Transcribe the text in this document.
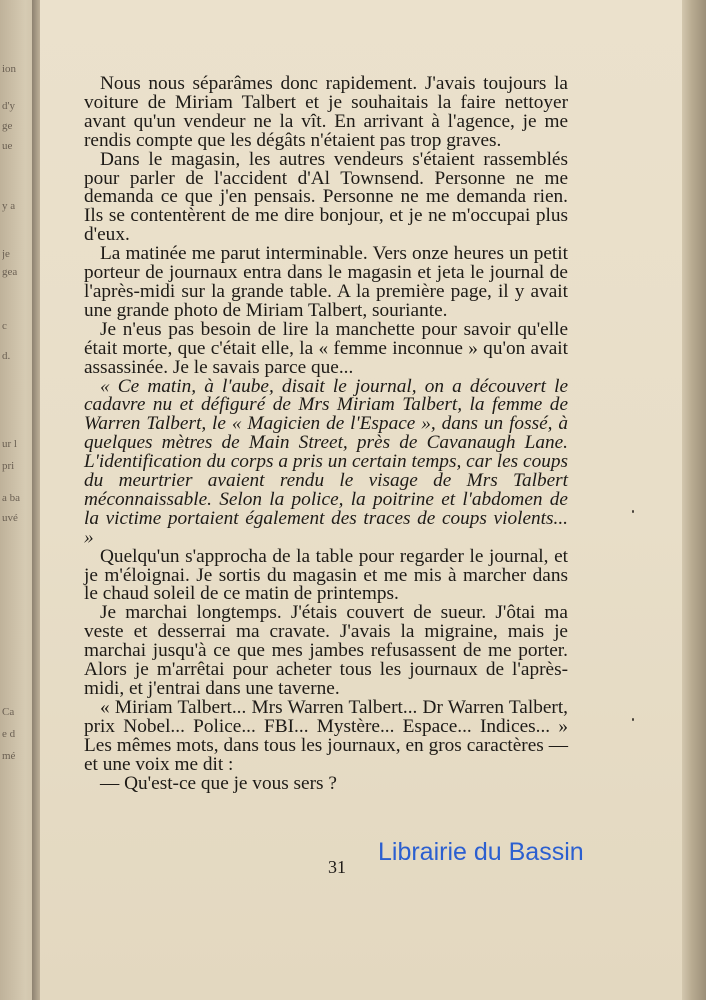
ion
d'y
ge
ue
y a
je
gea
c
d.
ur l
pri
a ba
uvé
Ca
e d
mé
31

Nous nous séparâmes donc rapidement. J'avais toujours la voiture de Miriam Talbert et je souhaitais la faire nettoyer avant qu'un vendeur ne la vît. En arrivant à l'agence, je me rendis compte que les dégâts n'étaient pas trop graves.

Dans le magasin, les autres vendeurs s'étaient rassemblés pour parler de l'accident d'Al Townsend. Personne ne me demanda ce que j'en pensais. Personne ne me demanda rien. Ils se contentèrent de me dire bonjour, et je ne m'occupai plus d'eux.

La matinée me parut interminable. Vers onze heures un petit porteur de journaux entra dans le magasin et jeta le journal de l'après-midi sur la grande table. A la première page, il y avait une grande photo de Miriam Talbert, souriante.

Je n'eus pas besoin de lire la manchette pour savoir qu'elle était morte, que c'était elle, la « femme inconnue » qu'on avait assassinée. Je le savais parce que...

« Ce matin, à l'aube, disait le journal, on a découvert le cadavre nu et défiguré de Mrs Miriam Talbert, la femme de Warren Talbert, le « Magicien de l'Espace », dans un fossé, à quelques mètres de Main Street, près de Cavanaugh Lane. L'identification du corps a pris un certain temps, car les coups du meurtrier avaient rendu le visage de Mrs Talbert méconnaissable. Selon la police, la poitrine et l'abdomen de la victime portaient également des traces de coups violents... »

Quelqu'un s'approcha de la table pour regarder le journal, et je m'éloignai. Je sortis du magasin et me mis à marcher dans le chaud soleil de ce matin de printemps.

Je marchai longtemps. J'étais couvert de sueur. J'ôtai ma veste et desserrai ma cravate. J'avais la migraine, mais je marchai jusqu'à ce que mes jambes refusassent de me porter. Alors je m'arrêtai pour acheter tous les journaux de l'après-midi, et j'entrai dans une taverne.

« Miriam Talbert... Mrs Warren Talbert... Dr Warren Talbert, prix Nobel... Police... FBI... Mystère... Espace... Indices... » Les mêmes mots, dans tous les journaux, en gros caractères — et une voix me dit :

— Qu'est-ce que je vous sers ?

Librairie du Bassin
